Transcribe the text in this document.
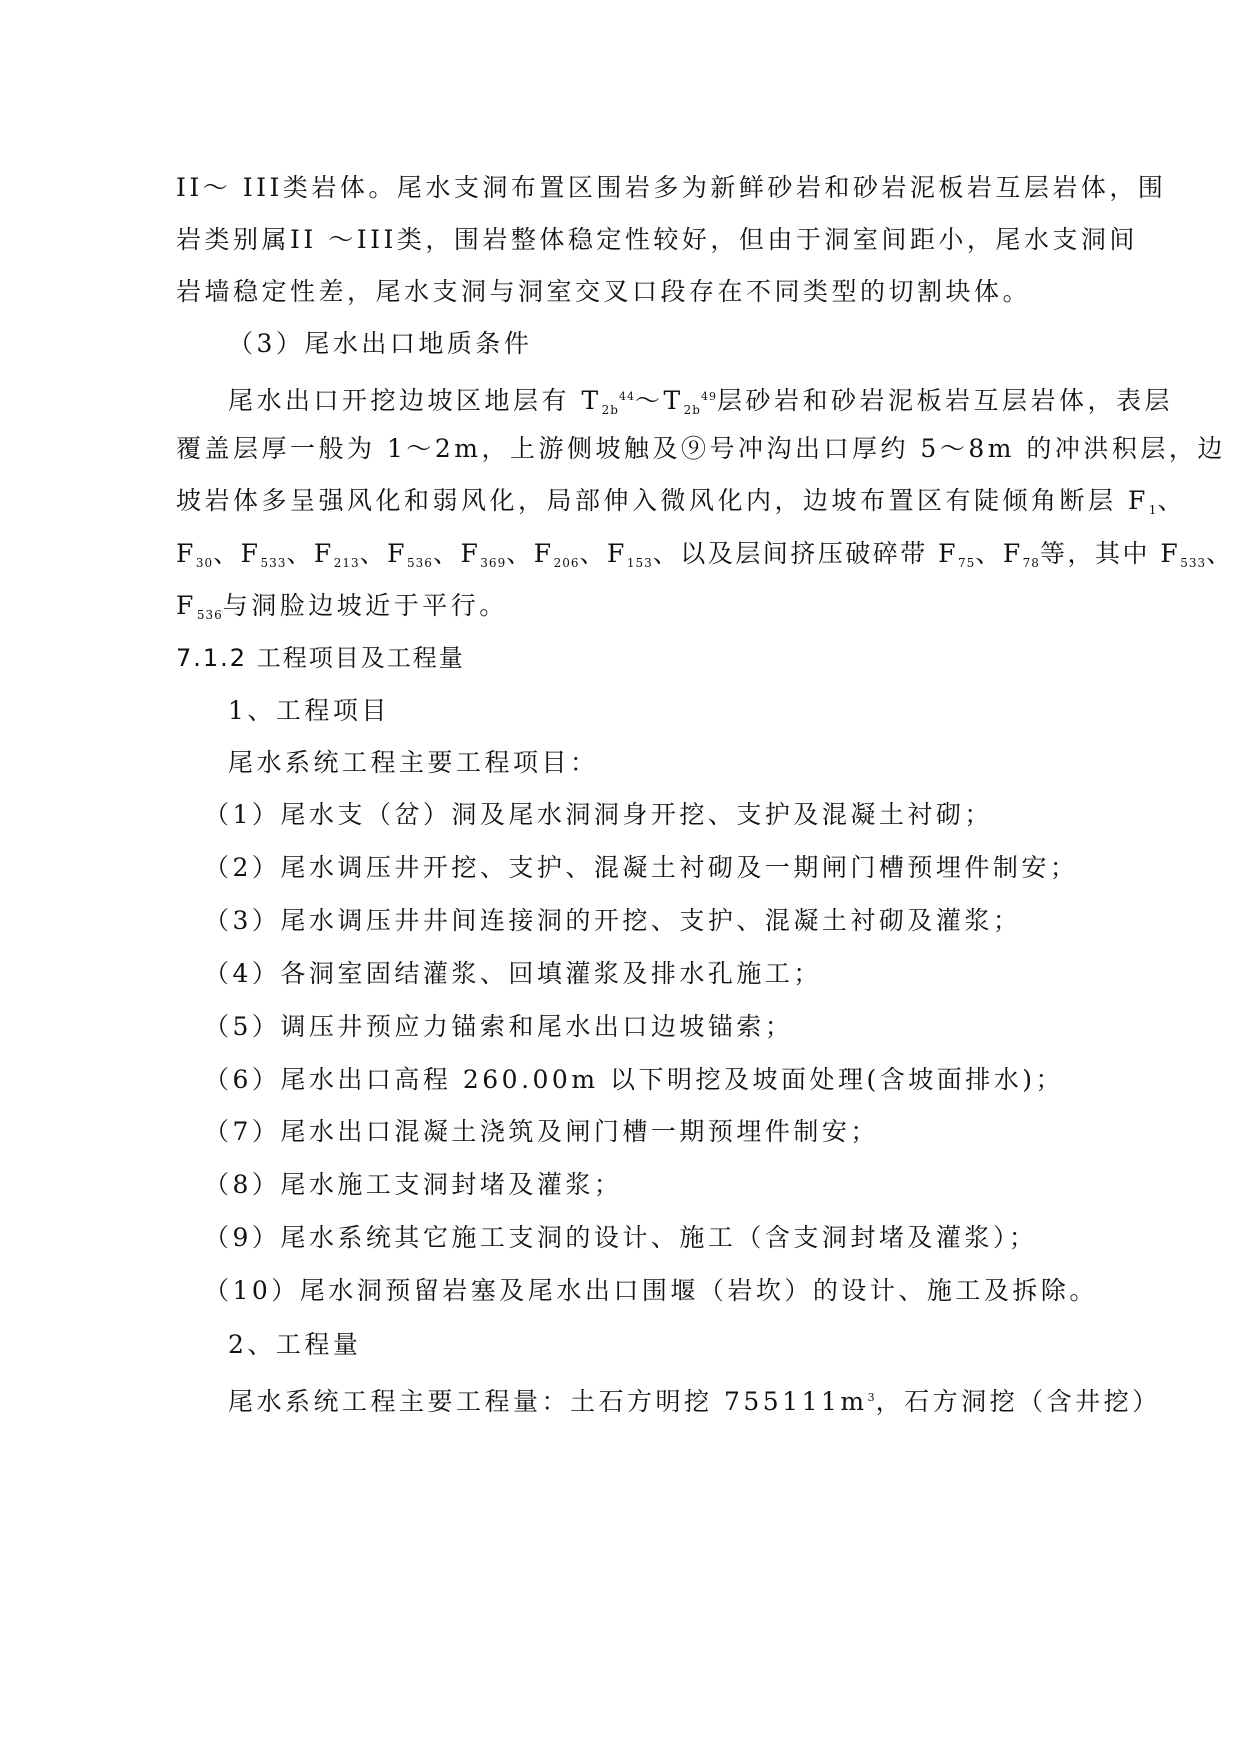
II～ III类岩体。尾水支洞布置区围岩多为新鲜砂岩和砂岩泥板岩互层岩体，围
岩类别属II ～III类，围岩整体稳定性较好，但由于洞室间距小，尾水支洞间
岩墙稳定性差，尾水支洞与洞室交叉口段存在不同类型的切割块体。
（3）尾水出口地质条件
尾水出口开挖边坡区地层有 $T_{2b}^{44}\sim T_{2b}^{49}$层砂岩和砂岩泥板岩互层岩体，表层
覆盖层厚一般为 1～2m，上游侧坡触及⑨号冲沟出口厚约 5～8m 的冲洪积层，边
坡岩体多呈强风化和弱风化，局部伸入微风化内，边坡布置区有陡倾角断层 $F_1$、
$F_{30}$、$F_{533}$、$F_{213}$、$F_{536}$、$F_{369}$、$F_{206}$、$F_{153}$、以及层间挤压破碎带 $F_{75}$、$F_{78}$等，其中 $F_{533}$、
$F_{536}$与洞脸边坡近于平行。
7.1.2 工程项目及工程量
1、工程项目
尾水系统工程主要工程项目：
（1）尾水支（岔）洞及尾水洞洞身开挖、支护及混凝土衬砌；
（2）尾水调压井开挖、支护、混凝土衬砌及一期闸门槽预埋件制安；
（3）尾水调压井井间连接洞的开挖、支护、混凝土衬砌及灌浆；
（4）各洞室固结灌浆、回填灌浆及排水孔施工；
（5）调压井预应力锚索和尾水出口边坡锚索；
（6）尾水出口高程 260.00m 以下明挖及坡面处理(含坡面排水)；
（7）尾水出口混凝土浇筑及闸门槽一期预埋件制安；
（8）尾水施工支洞封堵及灌浆；
（9）尾水系统其它施工支洞的设计、施工（含支洞封堵及灌浆）；
（10）尾水洞预留岩塞及尾水出口围堰（岩坎）的设计、施工及拆除。
2、工程量
尾水系统工程主要工程量：土石方明挖 $755111m^3$，石方洞挖（含井挖）
